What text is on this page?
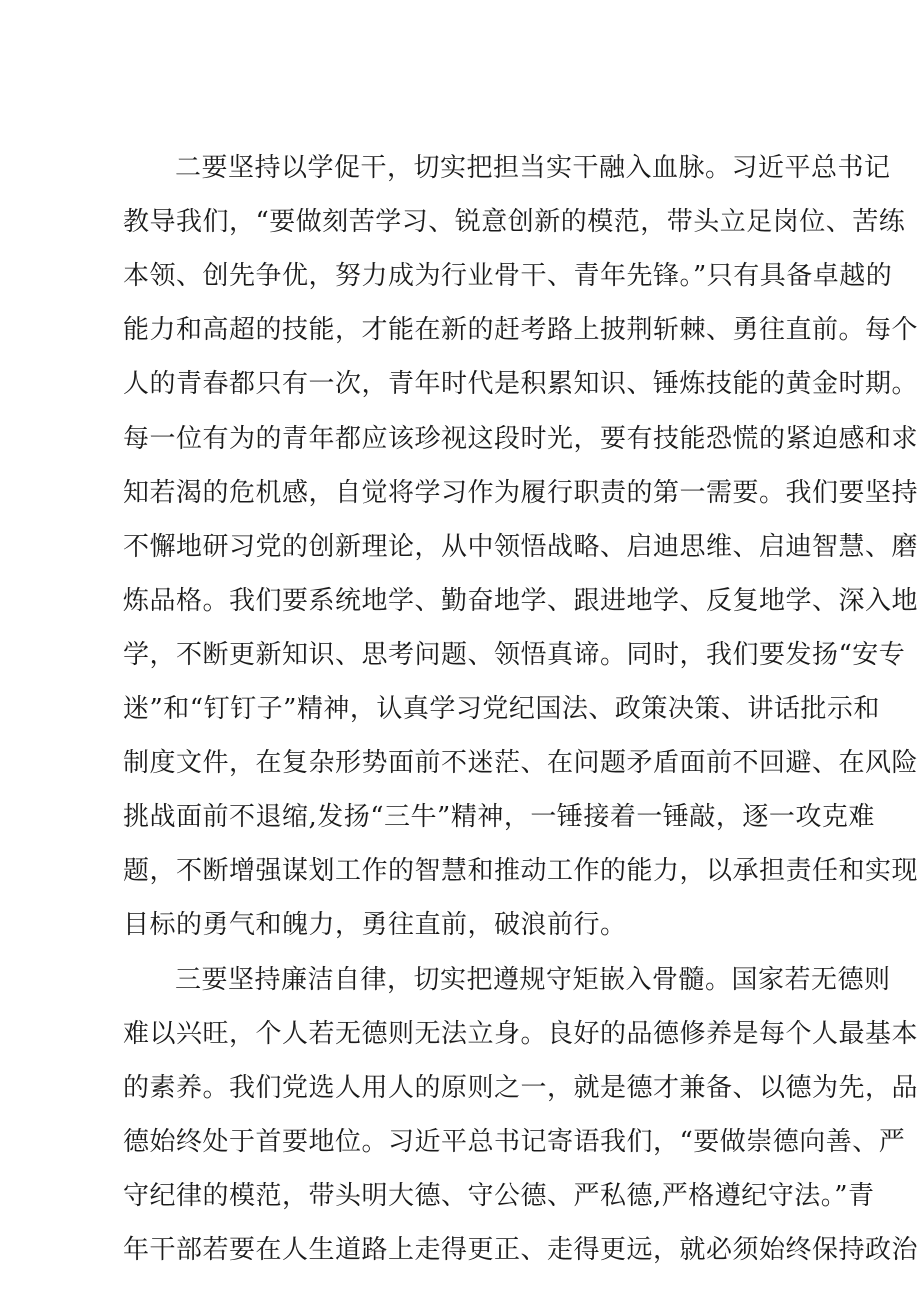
二要坚持以学促干，切实把担当实干融入血脉。习近平总书记
教导我们，“要做刻苦学习、锐意创新的模范，带头立足岗位、苦练
本领、创先争优，努力成为行业骨干、青年先锋。”只有具备卓越的
能力和高超的技能，才能在新的赶考路上披荆斩棘、勇往直前。每个
人的青春都只有一次，青年时代是积累知识、锤炼技能的黄金时期。
每一位有为的青年都应该珍视这段时光，要有技能恐慌的紧迫感和求
知若渴的危机感，自觉将学习作为履行职责的第一需要。我们要坚持
不懈地研习党的创新理论，从中领悟战略、启迪思维、启迪智慧、磨
炼品格。我们要系统地学、勤奋地学、跟进地学、反复地学、深入地
学，不断更新知识、思考问题、领悟真谛。同时，我们要发扬“安专
迷”和“钉钉子”精神，认真学习党纪国法、政策决策、讲话批示和
制度文件，在复杂形势面前不迷茫、在问题矛盾面前不回避、在风险
挑战面前不退缩,发扬“三牛”精神，一锤接着一锤敲，逐一攻克难
题，不断增强谋划工作的智慧和推动工作的能力，以承担责任和实现
目标的勇气和魄力，勇往直前，破浪前行。
三要坚持廉洁自律，切实把遵规守矩嵌入骨髓。国家若无德则
难以兴旺，个人若无德则无法立身。良好的品德修养是每个人最基本
的素养。我们党选人用人的原则之一，就是德才兼备、以德为先，品
德始终处于首要地位。习近平总书记寄语我们，“要做崇德向善、严
守纪律的模范，带头明大德、守公德、严私德,严格遵纪守法。”青
年干部若要在人生道路上走得更正、走得更远，就必须始终保持政治
